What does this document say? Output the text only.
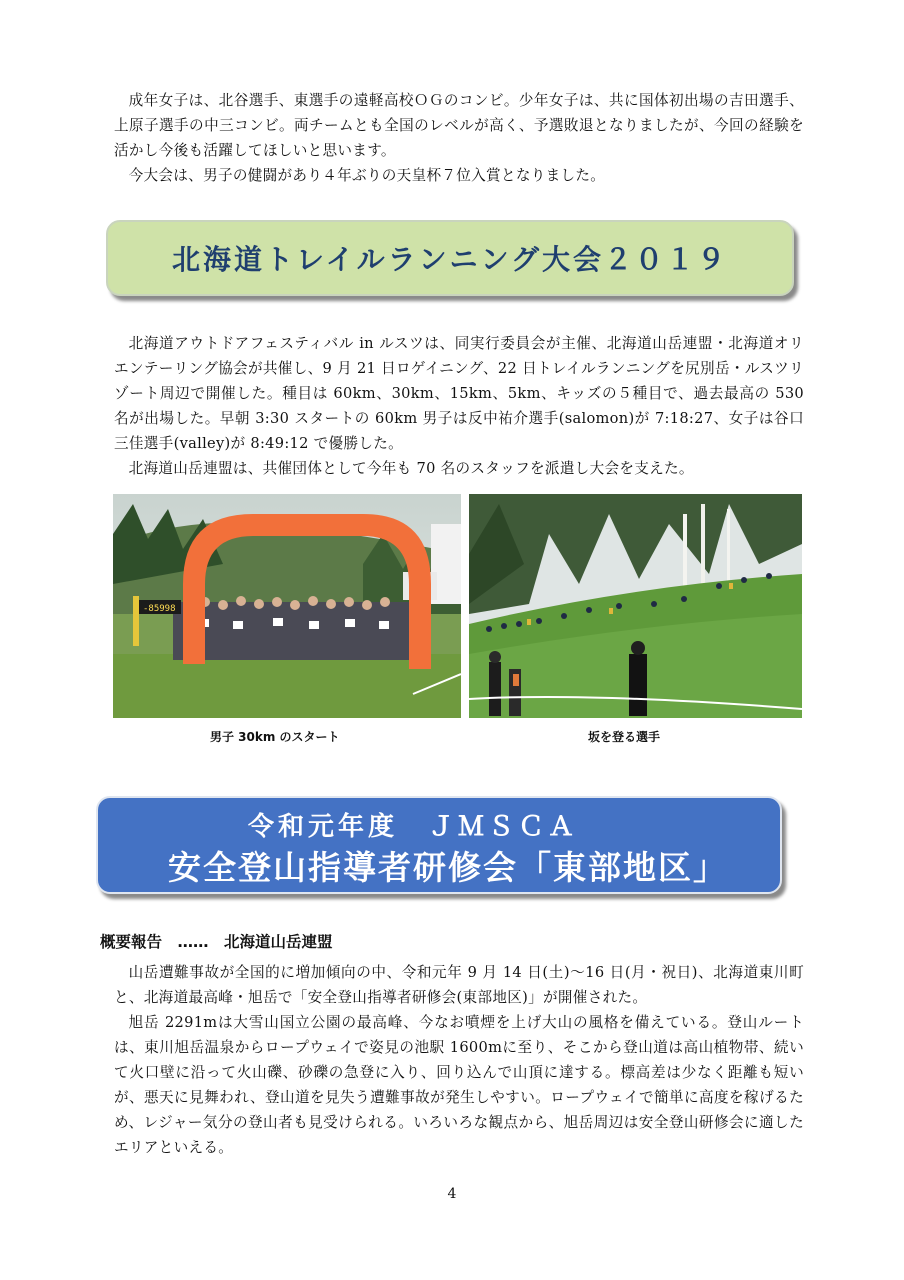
成年女子は、北谷選手、東選手の遠軽高校ＯＧのコンビ。少年女子は、共に国体初出場の吉田選手、上原子選手の中三コンビ。両チームとも全国のレベルが高く、予選敗退となりましたが、今回の経験を活かし今後も活躍してほしいと思います。

今大会は、男子の健闘があり４年ぶりの天皇杯７位入賞となりました。

北海道トレイルランニング大会２０１９

北海道アウトドアフェスティバル in ルスツは、同実行委員会が主催、北海道山岳連盟・北海道オリエンテーリング協会が共催し、9 月 21 日ロゲイニング、22 日トレイルランニングを尻別岳・ルスツリゾート周辺で開催した。種目は 60km、30km、15km、5km、キッズの５種目で、過去最高の 530 名が出場した。早朝 3:30 スタートの 60km 男子は反中祐介選手(salomon)が 7:18:27、女子は谷口三佳選手(valley)が 8:49:12 で優勝した。

北海道山岳連盟は、共催団体として今年も 70 名のスタッフを派遣し大会を支えた。

-85998
男子 30km のスタート	坂を登る選手
令和元年度　ＪＭＳＣＡ
安全登山指導者研修会「東部地区」
概要報告　……　北海道山岳連盟

山岳遭難事故が全国的に増加傾向の中、令和元年 9 月 14 日(土)～16 日(月・祝日)、北海道東川町と、北海道最高峰・旭岳で「安全登山指導者研修会(東部地区)」が開催された。

旭岳 2291mは大雪山国立公園の最高峰、今なお噴煙を上げ大山の風格を備えている。登山ルートは、東川旭岳温泉からロープウェイで姿見の池駅 1600mに至り、そこから登山道は高山植物帯、続いて火口壁に沿って火山礫、砂礫の急登に入り、回り込んで山頂に達する。標高差は少なく距離も短いが、悪天に見舞われ、登山道を見失う遭難事故が発生しやすい。ロープウェイで簡単に高度を稼げるため、レジャー気分の登山者も見受けられる。いろいろな観点から、旭岳周辺は安全登山研修会に適したエリアといえる。

4
